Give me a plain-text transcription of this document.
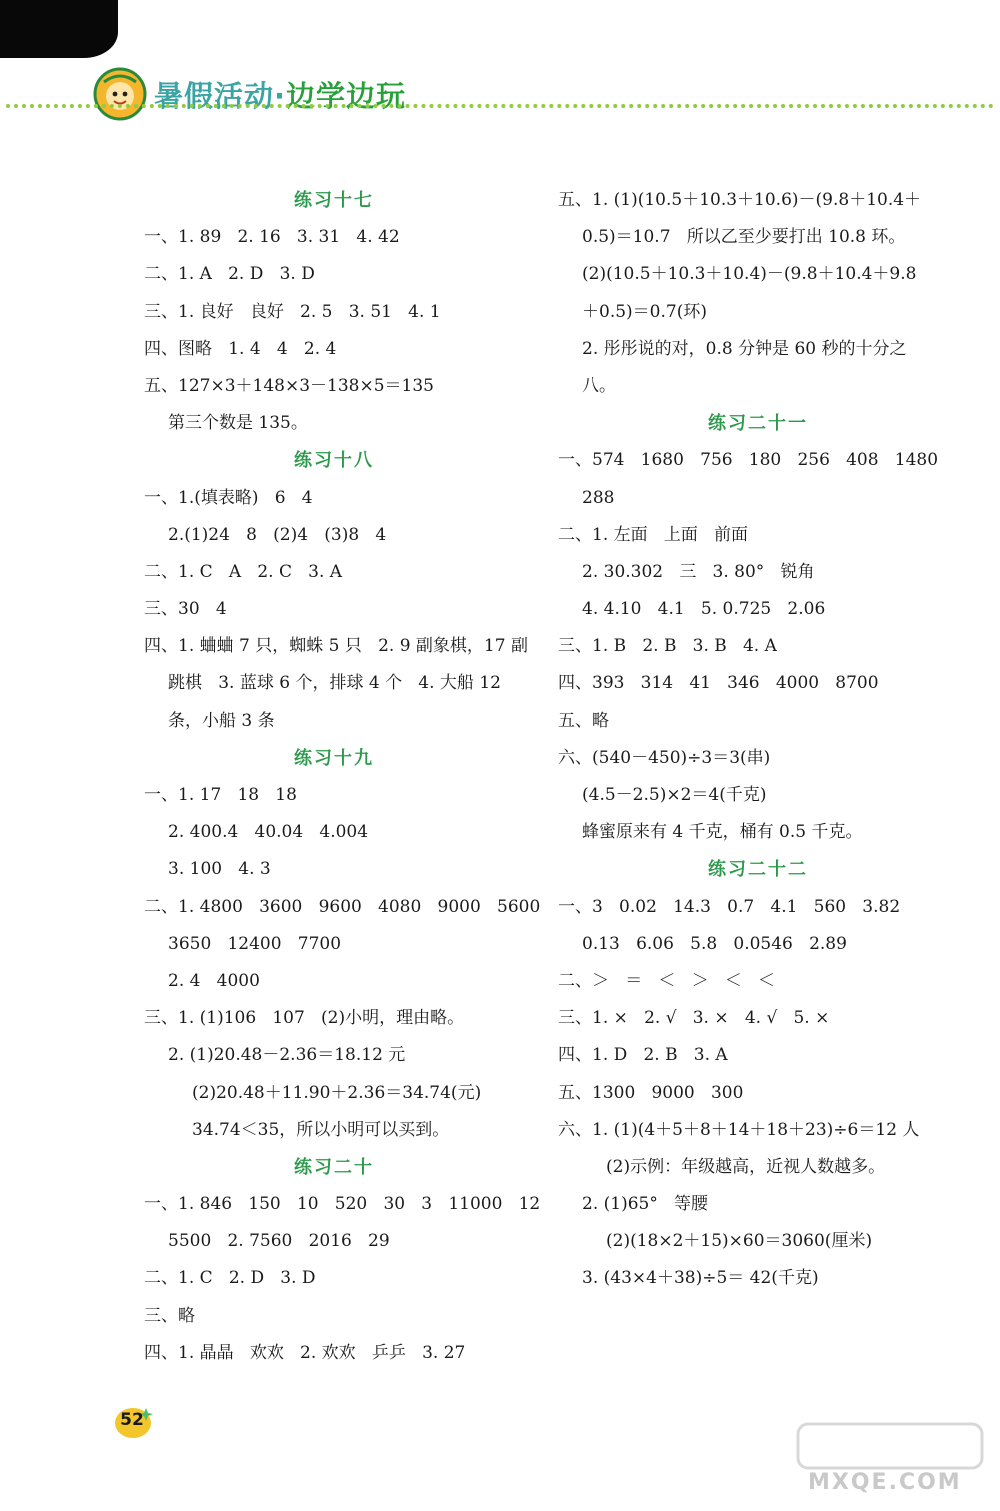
暑假活动·边学边玩
练习十七
一、1. 89   2. 16   3. 31   4. 42
二、1. A   2. D   3. D
三、1. 良好   良好   2. 5   3. 51   4. 1
四、图略   1. 4   4   2. 4
五、127×3＋148×3－138×5＝135
第三个数是 135。
练习十八
一、1.(填表略)   6   4
2.(1)24   8   (2)4   (3)8   4
二、1. C   A   2. C   3. A
三、30   4
四、1. 蛐蛐 7 只，蜘蛛 5 只   2. 9 副象棋，17 副
跳棋   3. 蓝球 6 个，排球 4 个   4. 大船 12
条，小船 3 条
练习十九
一、1. 17   18   18
2. 400.4   40.04   4.004
3. 100   4. 3
二、1. 4800   3600   9600   4080   9000   5600
3650   12400   7700
2. 4   4000
三、1. (1)106   107   (2)小明，理由略。
2. (1)20.48－2.36＝18.12 元
(2)20.48＋11.90＋2.36＝34.74(元)
34.74＜35，所以小明可以买到。
练习二十
一、1. 846   150   10   520   30   3   11000   12
5500   2. 7560   2016   29
二、1. C   2. D   3. D
三、略
四、1. 晶晶   欢欢   2. 欢欢   乒乒   3. 27
五、1. (1)(10.5＋10.3＋10.6)－(9.8＋10.4＋
0.5)＝10.7   所以乙至少要打出 10.8 环。
(2)(10.5＋10.3＋10.4)－(9.8＋10.4＋9.8
＋0.5)＝0.7(环)
2. 彤彤说的对，0.8 分钟是 60 秒的十分之
八。
练习二十一
一、574   1680   756   180   256   408   1480
288
二、1. 左面   上面   前面
2. 30.302   三   3. 80°   锐角
4. 4.10   4.1   5. 0.725   2.06
三、1. B   2. B   3. B   4. A
四、393   314   41   346   4000   8700
五、略
六、(540－450)÷3＝3(串)
(4.5－2.5)×2＝4(千克)
蜂蜜原来有 4 千克，桶有 0.5 千克。
练习二十二
一、3   0.02   14.3   0.7   4.1   560   3.82
0.13   6.06   5.8   0.0546   2.89
二、＞   ＝   ＜   ＞   ＜   ＜
三、1. ×   2. √   3. ×   4. √   5. ×
四、1. D   2. B   3. A
五、1300   9000   300
六、1. (1)(4＋5＋8＋14＋18＋23)÷6＝12 人
(2)示例：年级越高，近视人数越多。
2. (1)65°   等腰
(2)(18×2＋15)×60＝3060(厘米)
3. (43×4＋38)÷5＝ 42(千克)
52
MXQE.COM
